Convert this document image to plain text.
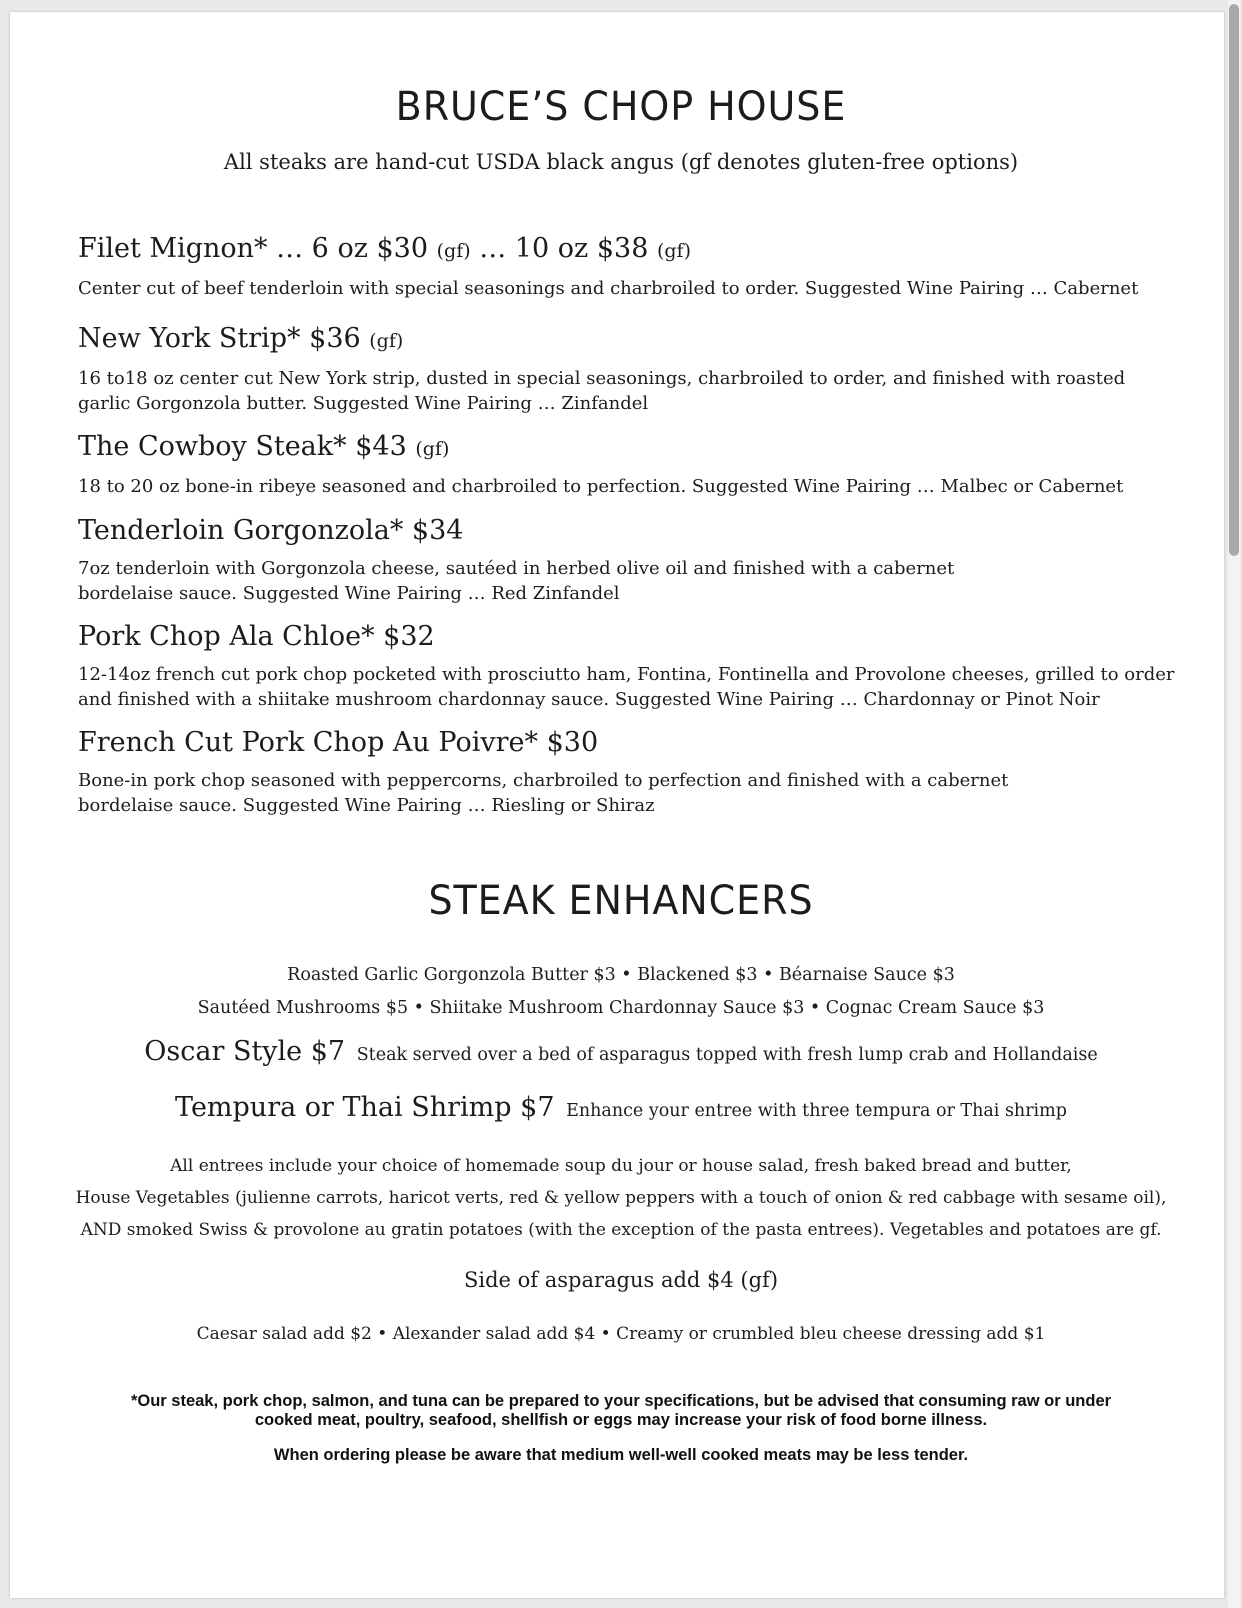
BRUCE’S CHOP HOUSE
All steaks are hand-cut USDA black angus (gf denotes gluten-free options)
Filet Mignon* … 6 oz $30 (gf) … 10 oz $38 (gf)
Center cut of beef tenderloin with special seasonings and charbroiled to order. Suggested Wine Pairing … Cabernet
New York Strip* $36 (gf)
16 to18 oz center cut New York strip, dusted in special seasonings, charbroiled to order, and finished with roasted garlic Gorgonzola butter. Suggested Wine Pairing … Zinfandel
The Cowboy Steak* $43 (gf)
18 to 20 oz bone-in ribeye seasoned and charbroiled to perfection. Suggested Wine Pairing … Malbec or Cabernet
Tenderloin Gorgonzola* $34
7oz tenderloin with Gorgonzola cheese, sautéed in herbed olive oil and finished with a cabernet bordelaise sauce. Suggested Wine Pairing … Red Zinfandel
Pork Chop Ala Chloe* $32
12-14oz french cut pork chop pocketed with prosciutto ham, Fontina, Fontinella and Provolone cheeses, grilled to order and finished with a shiitake mushroom chardonnay sauce. Suggested Wine Pairing … Chardonnay or Pinot Noir
French Cut Pork Chop Au Poivre* $30
Bone-in pork chop seasoned with peppercorns, charbroiled to perfection and finished with a cabernet bordelaise sauce. Suggested Wine Pairing … Riesling or Shiraz
STEAK ENHANCERS
Roasted Garlic Gorgonzola Butter $3 • Blackened $3 • Béarnaise Sauce $3
Sautéed Mushrooms $5 • Shiitake Mushroom Chardonnay Sauce $3 • Cognac Cream Sauce $3
Oscar Style $7 Steak served over a bed of asparagus topped with fresh lump crab and Hollandaise
Tempura or Thai Shrimp $7 Enhance your entree with three tempura or Thai shrimp
All entrees include your choice of homemade soup du jour or house salad, fresh baked bread and butter,
House Vegetables (julienne carrots, haricot verts, red & yellow peppers with a touch of onion & red cabbage with sesame oil),
AND smoked Swiss & provolone au gratin potatoes (with the exception of the pasta entrees). Vegetables and potatoes are gf.
Side of asparagus add $4 (gf)
Caesar salad add $2 • Alexander salad add $4 • Creamy or crumbled bleu cheese dressing add $1
*Our steak, pork chop, salmon, and tuna can be prepared to your specifications, but be advised that consuming raw or under cooked meat, poultry, seafood, shellfish or eggs may increase your risk of food borne illness.
When ordering please be aware that medium well-well cooked meats may be less tender.
